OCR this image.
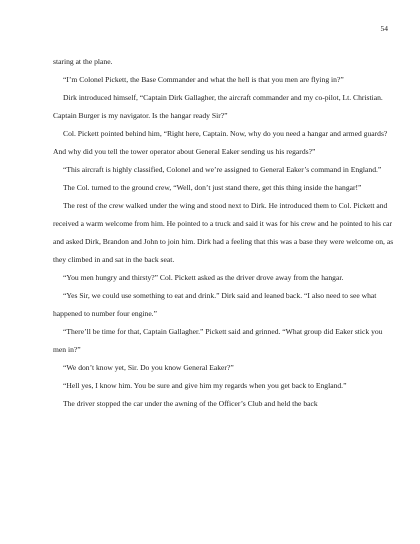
54

staring at the plane.

“I’m Colonel Pickett, the Base Commander and what the hell is that you men are flying in?”

Dirk introduced himself, “Captain Dirk Gallagher, the aircraft commander and my co-pilot, Lt. Christian. Captain Burger is my navigator. Is the hangar ready Sir?”

Col. Pickett pointed behind him, “Right here, Captain. Now, why do you need a hangar and armed guards? And why did you tell the tower operator about General Eaker sending us his regards?”

“This aircraft is highly classified, Colonel and we’re assigned to General Eaker’s command in England.”

The Col. turned to the ground crew, “Well, don’t just stand there, get this thing inside the hangar!”

The rest of the crew walked under the wing and stood next to Dirk. He introduced them to Col. Pickett and received a warm welcome from him. He pointed to a truck and said it was for his crew and he pointed to his car and asked Dirk, Brandon and John to join him. Dirk had a feeling that this was a base they were welcome on, as they climbed in and sat in the back seat.

“You men hungry and thirsty?” Col. Pickett asked as the driver drove away from the hangar.

“Yes Sir, we could use something to eat and drink.” Dirk said and leaned back. “I also need to see what happened to number four engine.”

“There’ll be time for that, Captain Gallagher.” Pickett said and grinned. “What group did Eaker stick you men in?”

“We don’t know yet, Sir. Do you know General Eaker?”

“Hell yes, I know him. You be sure and give him my regards when you get back to England.”

The driver stopped the car under the awning of the Officer’s Club and held the back
